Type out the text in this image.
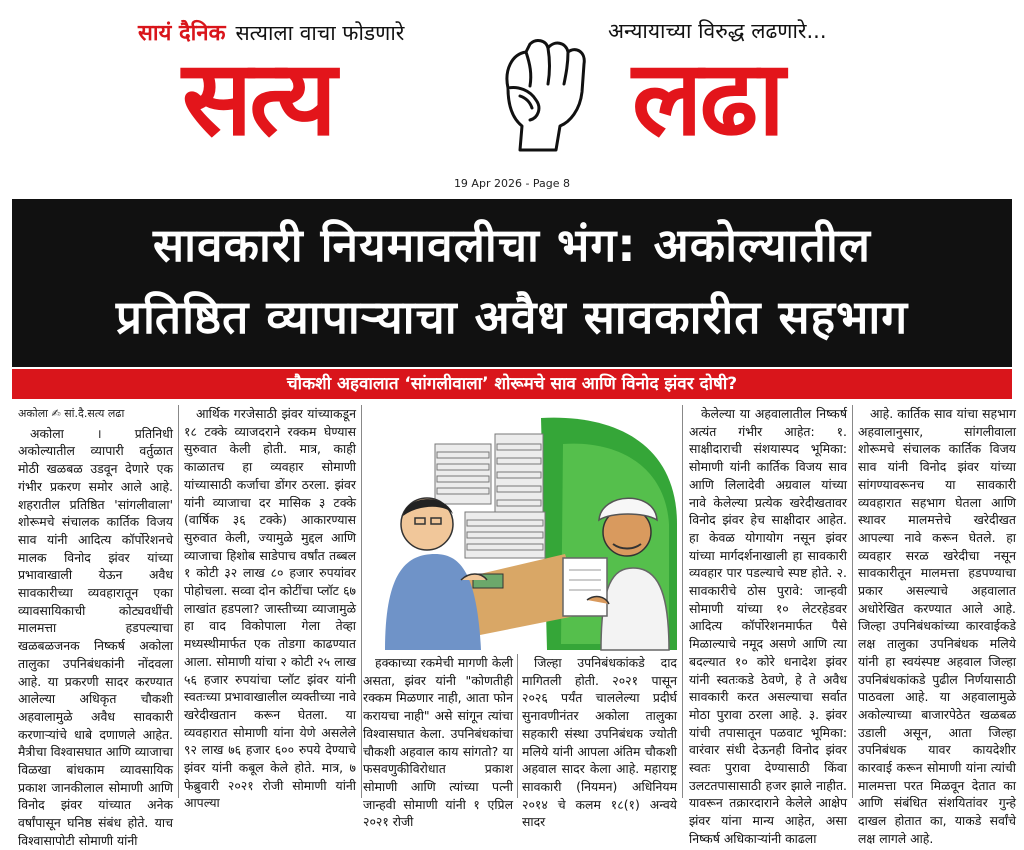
सायं दैनिक सत्याला वाचा फोडणारे	अन्यायाच्या विरुद्ध लढणारे...
सत्य	लढा
19 Apr 2026 - Page 8
सावकारी नियमावलीचा भंग: अकोल्यातील
प्रतिष्ठित व्यापाऱ्याचा अवैध सावकारीत सहभाग
चौकशी अहवालात ‘सांगलीवाला’ शोरूमचे साव आणि विनोद झंवर दोषी?
अकोला ✍ सां.दै.सत्य लढा

अकोला । प्रतिनिधी अकोल्यातील व्यापारी वर्तुळात मोठी खळबळ उडवून देणारे एक गंभीर प्रकरण समोर आले आहे. शहरातील प्रतिष्ठित 'सांगलीवाला' शोरूमचे संचालक कार्तिक विजय साव यांनी आदित्य कॉर्पोरेशनचे मालक विनोद झंवर यांच्या प्रभावाखाली येऊन अवैध सावकारीच्या व्यवहारातून एका व्यावसायिकाची कोट्यवधींची मालमत्ता हडपल्याचा खळबळजनक निष्कर्ष अकोला तालुका उपनिबंधकांनी नोंदवला आहे. या प्रकरणी सादर करण्यात आलेल्या अधिकृत चौकशी अहवालामुळे अवैध सावकारी करणाऱ्यांचे धाबे दणाणले आहेत. मैत्रीचा विश्वासघात आणि व्याजाचा विळखा बांधकाम व्यावसायिक प्रकाश जानकीलाल सोमाणी आणि विनोद झंवर यांच्यात अनेक वर्षांपासून घनिष्ठ संबंध होते. याच विश्वासापोटी सोमाणी यांनी

आर्थिक गरजेसाठी झंवर यांच्याकडून १८ टक्के व्याजदराने रक्कम घेण्यास सुरुवात केली होती. मात्र, काही काळातच हा व्यवहार सोमाणी यांच्यासाठी कर्जाचा डोंगर ठरला. झंवर यांनी व्याजाचा दर मासिक ३ टक्के (वार्षिक ३६ टक्के) आकारण्यास सुरुवात केली, ज्यामुळे मुद्दल आणि व्याजाचा हिशोब साडेपाच वर्षांत तब्बल १ कोटी ३२ लाख ८० हजार रुपयांवर पोहोचला. सव्वा दोन कोटींचा प्लॉट ६७ लाखांत हडपला? जास्तीच्या व्याजामुळे हा वाद विकोपाला गेला तेव्हा मध्यस्थीमार्फत एक तोडगा काढण्यात आला. सोमाणी यांचा २ कोटी २५ लाख ५६ हजार रुपयांचा प्लॉट झंवर यांनी स्वतःच्या प्रभावाखालील व्यक्तीच्या नावे खरेदीखतान करून घेतला. या व्यवहारात सोमाणी यांना येणे असलेले ९२ लाख ७६ हजार ६०० रुपये देण्याचे झंवर यांनी कबूल केले होते. मात्र, ७ फेब्रुवारी २०२१ रोजी सोमाणी यांनी आपल्या

हक्काच्या रकमेची मागणी केली असता, झंवर यांनी "कोणतीही रक्कम मिळणार नाही, आता फोन करायचा नाही" असे सांगून त्यांचा विश्वासघात केला. उपनिबंधकांचा चौकशी अहवाल काय सांगतो? या फसवणुकीविरोधात प्रकाश सोमाणी आणि त्यांच्या पत्नी जान्हवी सोमाणी यांनी १ एप्रिल २०२१ रोजी

जिल्हा उपनिबंधकांकडे दाद मागितली होती. २०२१ पासून २०२६ पर्यंत चाललेल्या प्रदीर्घ सुनावणीनंतर अकोला तालुका सहकारी संस्था उपनिबंधक ज्योती मलिये यांनी आपला अंतिम चौकशी अहवाल सादर केला आहे. महाराष्ट्र सावकारी (नियमन) अधिनियम २०१४ चे कलम १८(१) अन्वये सादर

केलेल्या या अहवालातील निष्कर्ष अत्यंत गंभीर आहेत: १. साक्षीदाराची संशयास्पद भूमिका: सोमाणी यांनी कार्तिक विजय साव आणि लिलादेवी अग्रवाल यांच्या नावे केलेल्या प्रत्येक खरेदीखतावर विनोद झंवर हेच साक्षीदार आहेत. हा केवळ योगायोग नसून झंवर यांच्या मार्गदर्शनाखाली हा सावकारी व्यवहार पार पडल्याचे स्पष्ट होते. २. सावकारीचे ठोस पुरावे: जान्हवी सोमाणी यांच्या १० लेटरहेडवर आदित्य कॉर्पोरेशनमार्फत पैसे मिळाल्याचे नमूद असणे आणि त्या बदल्यात १० कोरे धनादेश झंवर यांनी स्वतःकडे ठेवणे, हे ते अवैध सावकारी करत असल्याचा सर्वात मोठा पुरावा ठरला आहे. ३. झंवर यांची तपासातून पळवाट भूमिका: वारंवार संधी देऊनही विनोद झंवर स्वतः पुरावा देण्यासाठी किंवा उलटतपासासाठी हजर झाले नाहीत. यावरून तक्रारदाराने केलेले आक्षेप झंवर यांना मान्य आहेत, असा निष्कर्ष अधिकाऱ्यांनी काढला

आहे. कार्तिक साव यांचा सहभाग अहवालानुसार, सांगलीवाला शोरूमचे संचालक कार्तिक विजय साव यांनी विनोद झंवर यांच्या सांगण्यावरूनच या सावकारी व्यवहारात सहभाग घेतला आणि स्थावर मालमत्तेचे खरेदीखत आपल्या नावे करून घेतले. हा व्यवहार सरळ खरेदीचा नसून सावकारीतून मालमत्ता हडपण्याचा प्रकार असल्याचे अहवालात अधोरेखित करण्यात आले आहे. जिल्हा उपनिबंधकांच्या कारवाईकडे लक्ष तालुका उपनिबंधक मलिये यांनी हा स्वयंस्पष्ट अहवाल जिल्हा उपनिबंधकांकडे पुढील निर्णयासाठी पाठवला आहे. या अहवालामुळे अकोल्याच्या बाजारपेठेत खळबळ उडाली असून, आता जिल्हा उपनिबंधक यावर कायदेशीर कारवाई करून सोमाणी यांना त्यांची मालमत्ता परत मिळवून देतात का आणि संबंधित संशयितांवर गुन्हे दाखल होतात का, याकडे सर्वांचे लक्ष लागले आहे.
